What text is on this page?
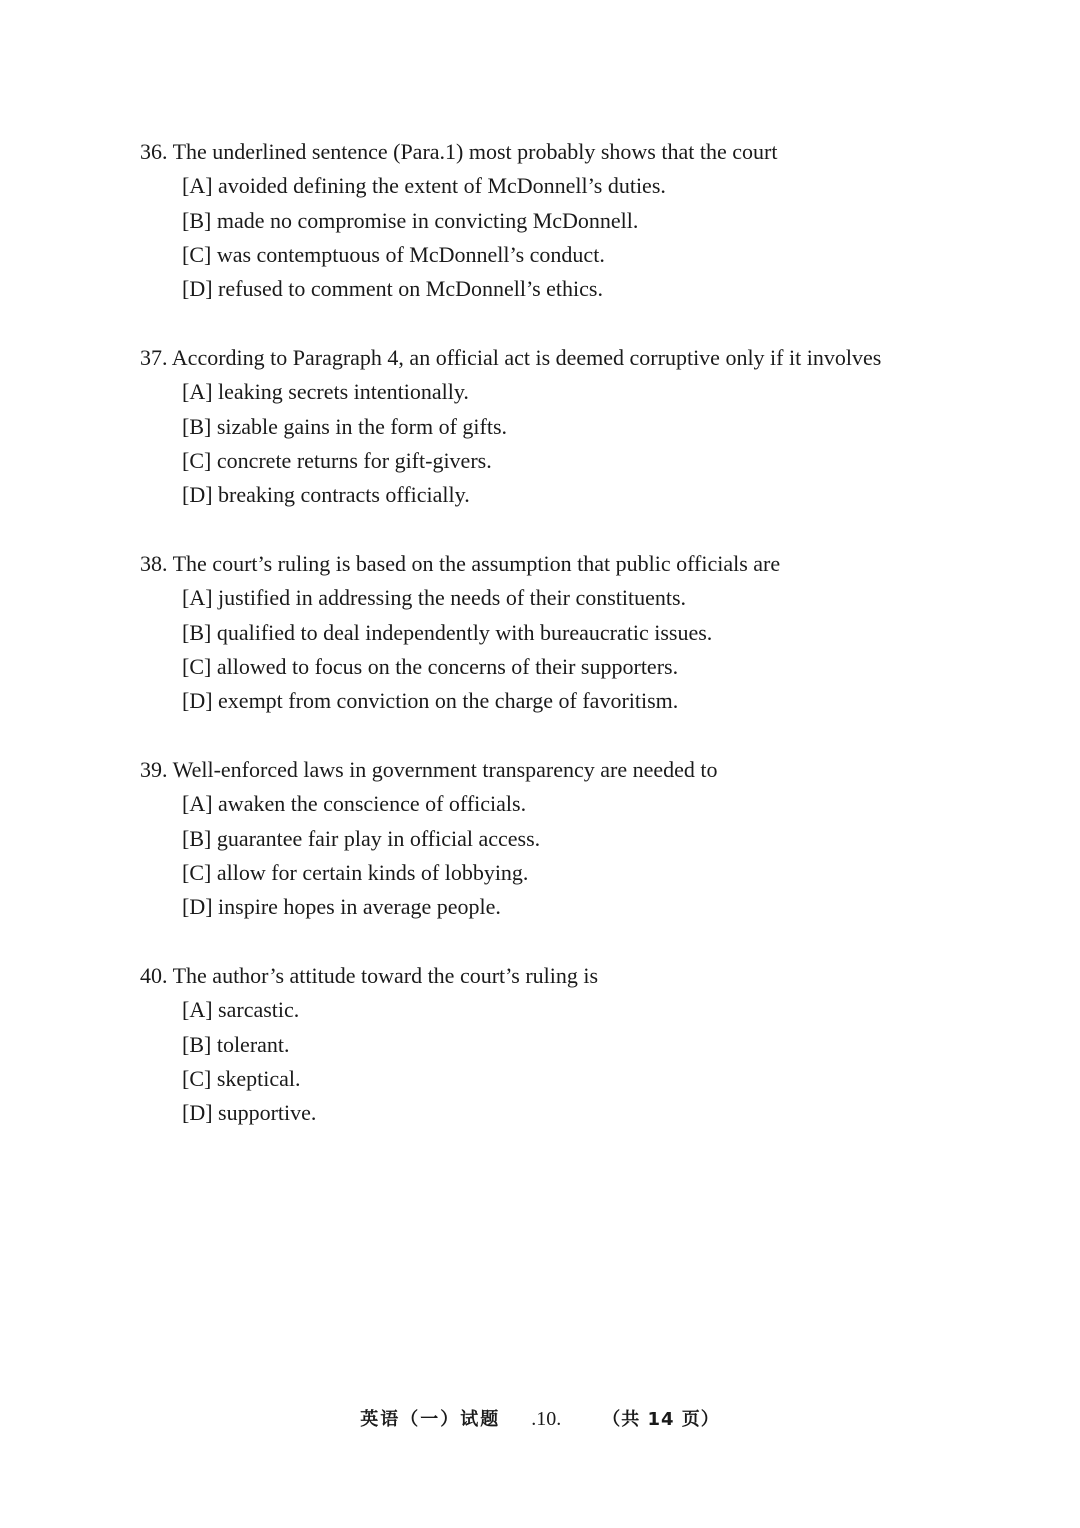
36. The underlined sentence (Para.1) most probably shows that the court
[A] avoided defining the extent of McDonnell’s duties.
[B] made no compromise in convicting McDonnell.
[C] was contemptuous of McDonnell’s conduct.
[D] refused to comment on McDonnell’s ethics.
37. According to Paragraph 4, an official act is deemed corruptive only if it involves
[A] leaking secrets intentionally.
[B] sizable gains in the form of gifts.
[C] concrete returns for gift-givers.
[D] breaking contracts officially.
38. The court’s ruling is based on the assumption that public officials are
[A] justified in addressing the needs of their constituents.
[B] qualified to deal independently with bureaucratic issues.
[C] allowed to focus on the concerns of their supporters.
[D] exempt from conviction on the charge of favoritism.
39. Well-enforced laws in government transparency are needed to
[A] awaken the conscience of officials.
[B] guarantee fair play in official access.
[C] allow for certain kinds of lobbying.
[D] inspire hopes in average people.
40. The author’s attitude toward the court’s ruling is
[A] sarcastic.
[B] tolerant.
[C] skeptical.
[D] supportive.
英语（一）试题 .10. （共 14 页）
